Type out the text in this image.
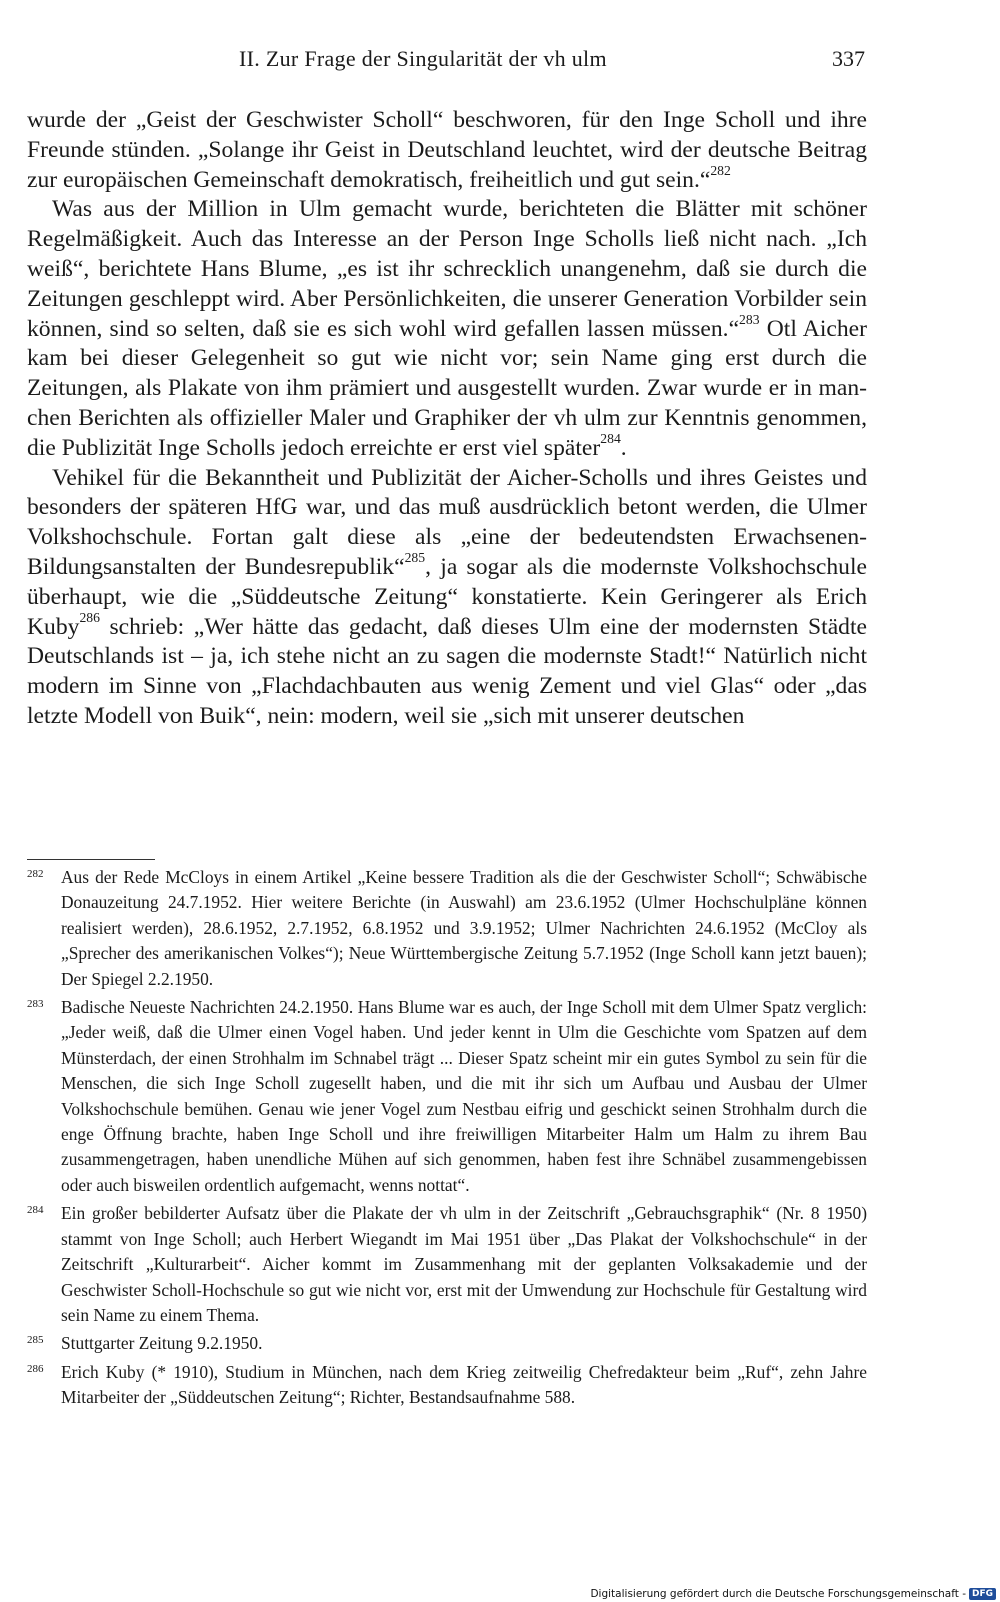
II. Zur Frage der Singularität der vh ulm	337

wurde der „Geist der Geschwister Scholl“ beschworen, für den Inge Scholl und ihre Freunde stünden. „Solange ihr Geist in Deutschland leuchtet, wird der deutsche Beitrag zur europäischen Gemeinschaft demokratisch, freiheitlich und gut sein.“$^{282}$

Was aus der Million in Ulm gemacht wurde, berichteten die Blätter mit schöner Regelmäßigkeit. Auch das Interesse an der Person Inge Scholls ließ nicht nach. „Ich weiß“, berichtete Hans Blume, „es ist ihr schrecklich unangenehm, daß sie durch die Zeitungen geschleppt wird. Aber Persönlichkeiten, die unserer Generation Vorbilder sein können, sind so selten, daß sie es sich wohl wird gefallen lassen müssen.“$^{283}$ Otl Aicher kam bei dieser Gelegenheit so gut wie nicht vor; sein Name ging erst durch die Zeitungen, als Plakate von ihm prämiert und ausgestellt wurden. Zwar wurde er in manchen Berichten als offizieller Maler und Graphiker der vh ulm zur Kenntnis genommen, die Publizität Inge Scholls jedoch erreichte er erst viel später$^{284}$.

Vehikel für die Bekanntheit und Publizität der Aicher-Scholls und ihres Geistes und besonders der späteren HfG war, und das muß ausdrücklich betont werden, die Ulmer Volkshochschule. Fortan galt diese als „eine der bedeutendsten Erwachsenen-Bildungsanstalten der Bundesrepublik“$^{285}$, ja sogar als die modernste Volkshochschule überhaupt, wie die „Süddeutsche Zeitung“ konstatierte. Kein Geringerer als Erich Kuby$^{286}$ schrieb: „Wer hätte das gedacht, daß dieses Ulm eine der modernsten Städte Deutschlands ist – ja, ich stehe nicht an zu sagen die modernste Stadt!“ Natürlich nicht modern im Sinne von „Flachdachbauten aus wenig Zement und viel Glas“ oder „das letzte Modell von Buik“, nein: modern, weil sie „sich mit unserer deutschen

282 Aus der Rede McCloys in einem Artikel „Keine bessere Tradition als die der Geschwister Scholl“; Schwäbische Donauzeitung 24.7.1952. Hier weitere Berichte (in Auswahl) am 23.6.1952 (Ulmer Hochschulpläne können realisiert werden), 28.6.1952, 2.7.1952, 6.8.1952 und 3.9.1952; Ulmer Nachrichten 24.6.1952 (McCloy als „Sprecher des amerikanischen Volkes“); Neue Württembergische Zeitung 5.7.1952 (Inge Scholl kann jetzt bauen); Der Spiegel 2.2.1950.
283 Badische Neueste Nachrichten 24.2.1950. Hans Blume war es auch, der Inge Scholl mit dem Ulmer Spatz verglich: „Jeder weiß, daß die Ulmer einen Vogel haben. Und jeder kennt in Ulm die Geschichte vom Spatzen auf dem Münsterdach, der einen Strohhalm im Schnabel trägt ... Dieser Spatz scheint mir ein gutes Symbol zu sein für die Menschen, die sich Inge Scholl zugesellt haben, und die mit ihr sich um Aufbau und Ausbau der Ulmer Volkshochschule bemühen. Genau wie jener Vogel zum Nestbau eifrig und geschickt seinen Strohhalm durch die enge Öffnung brachte, haben Inge Scholl und ihre freiwilligen Mitarbeiter Halm um Halm zu ihrem Bau zusammengetragen, haben unendliche Mühen auf sich genommen, haben fest ihre Schnäbel zusammengebissen oder auch bisweilen ordentlich aufgemacht, wenns nottat“.
284 Ein großer bebilderter Aufsatz über die Plakate der vh ulm in der Zeitschrift „Gebrauchsgraphik“ (Nr. 8 1950) stammt von Inge Scholl; auch Herbert Wiegandt im Mai 1951 über „Das Plakat der Volkshochschule“ in der Zeitschrift „Kulturarbeit“. Aicher kommt im Zusammenhang mit der geplanten Volksakademie und der Geschwister Scholl-Hochschule so gut wie nicht vor, erst mit der Umwendung zur Hochschule für Gestaltung wird sein Name zu einem Thema.
285 Stuttgarter Zeitung 9.2.1950.
286 Erich Kuby (* 1910), Studium in München, nach dem Krieg zeitweilig Chefredakteur beim „Ruf“, zehn Jahre Mitarbeiter der „Süddeutschen Zeitung“; Richter, Bestandsaufnahme 588.
Digitalisierung gefördert durch die Deutsche Forschungsgemeinschaft - DFG
